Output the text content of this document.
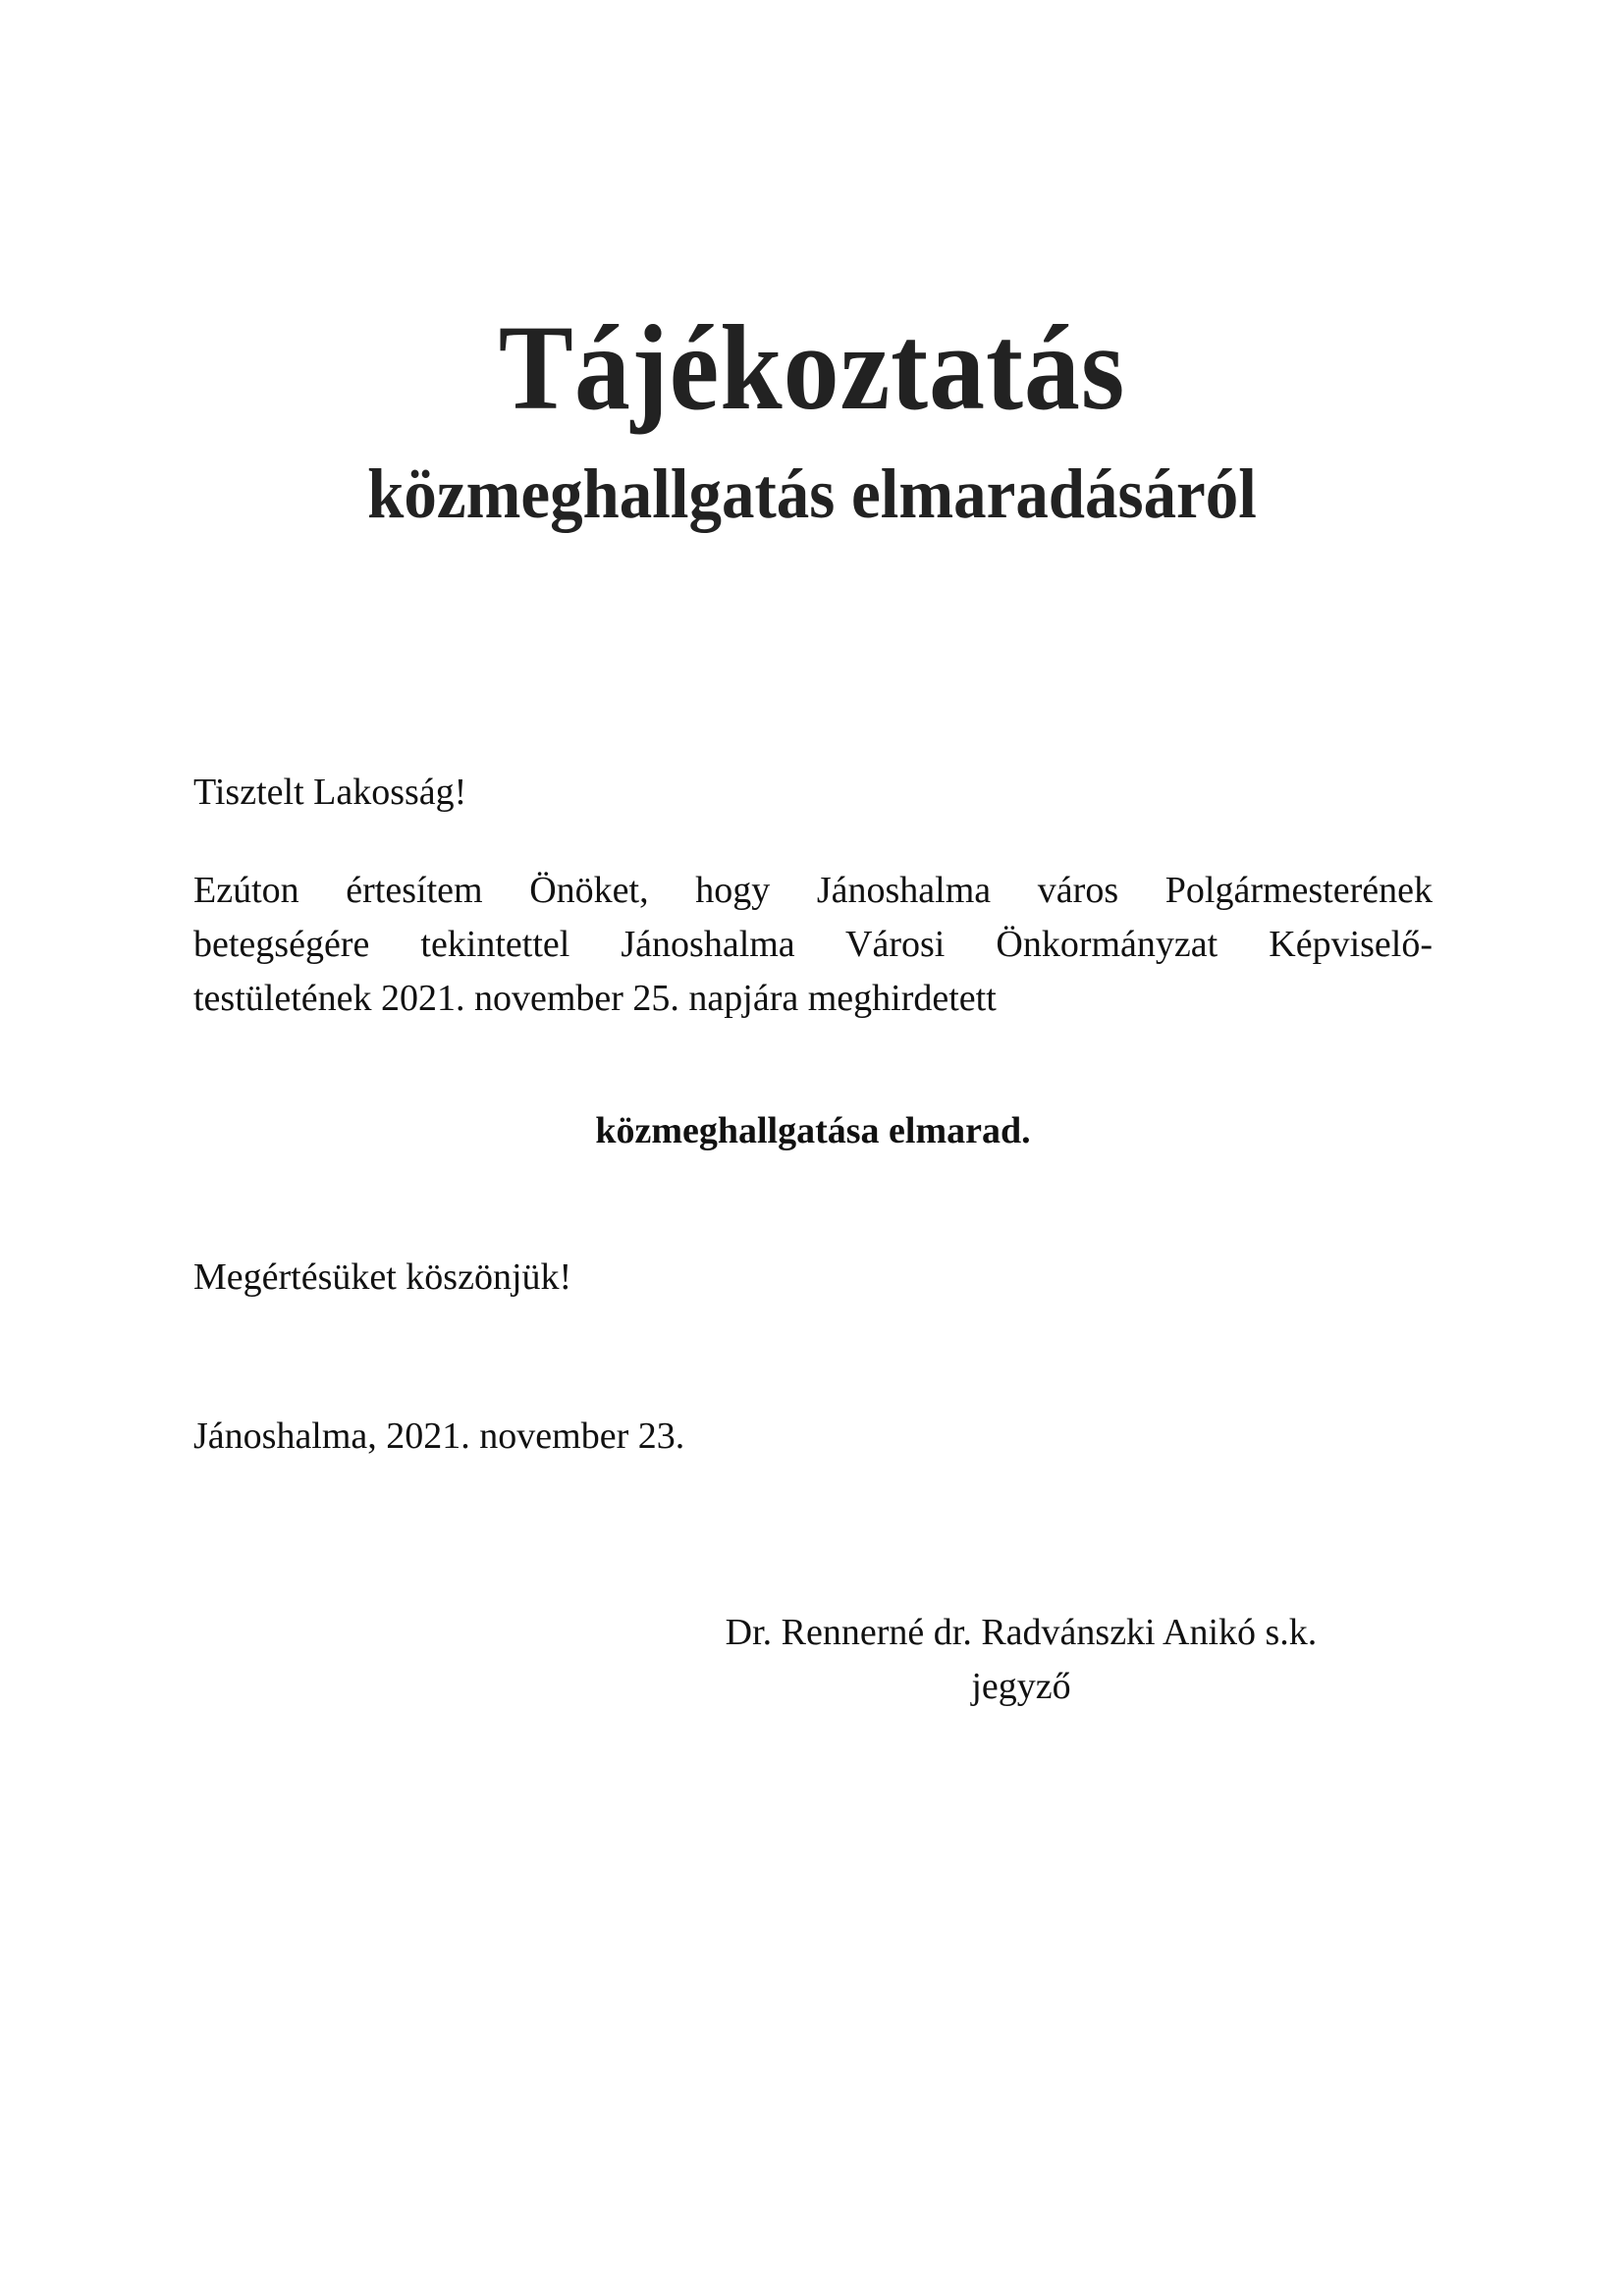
Tájékoztatás
közmeghallgatás elmaradásáról

Tisztelt Lakosság!

Ezúton értesítem Önöket, hogy Jánoshalma város Polgármesterének
betegségére tekintettel Jánoshalma Városi Önkormányzat Képviselő-
testületének 2021. november 25. napjára meghirdetett

közmeghallgatása elmarad.

Megértésüket köszönjük!

Jánoshalma, 2021. november 23.

Dr. Rennerné dr. Radvánszki Anikó s.k.
jegyző
